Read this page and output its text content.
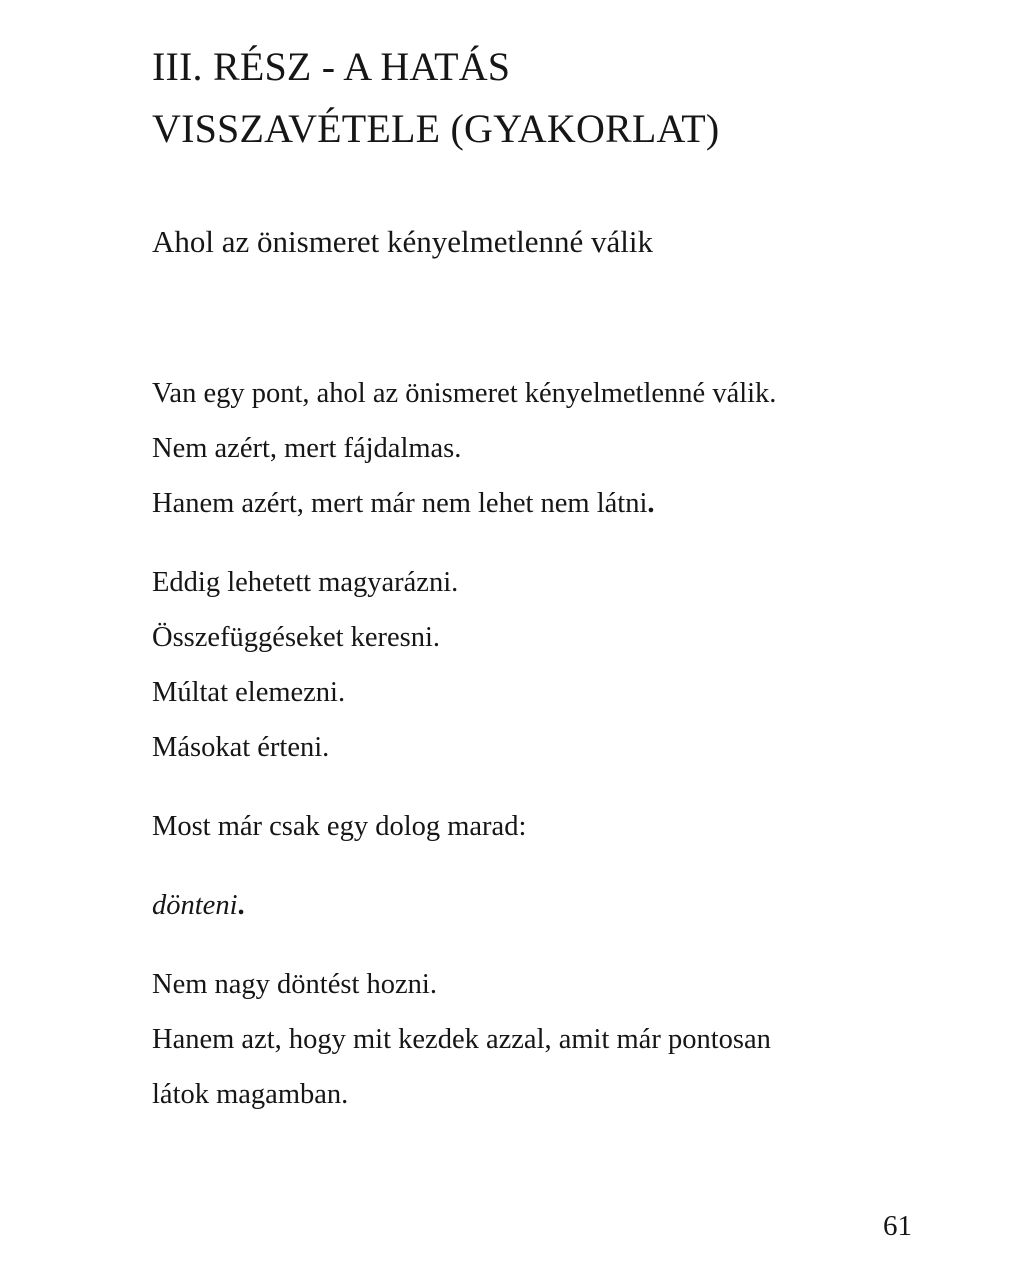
III. RÉSZ - A HATÁS
VISSZAVÉTELE (GYAKORLAT)
Ahol az önismeret kényelmetlenné válik

Van egy pont, ahol az önismeret kényelmetlenné válik.

Nem azért, mert fájdalmas.

Hanem azért, mert már nem lehet nem látni.

Eddig lehetett magyarázni.

Összefüggéseket keresni.

Múltat elemezni.

Másokat érteni.

Most már csak egy dolog marad:

dönteni.

Nem nagy döntést hozni.

Hanem azt, hogy mit kezdek azzal, amit már pontosan

látok magamban.

61
